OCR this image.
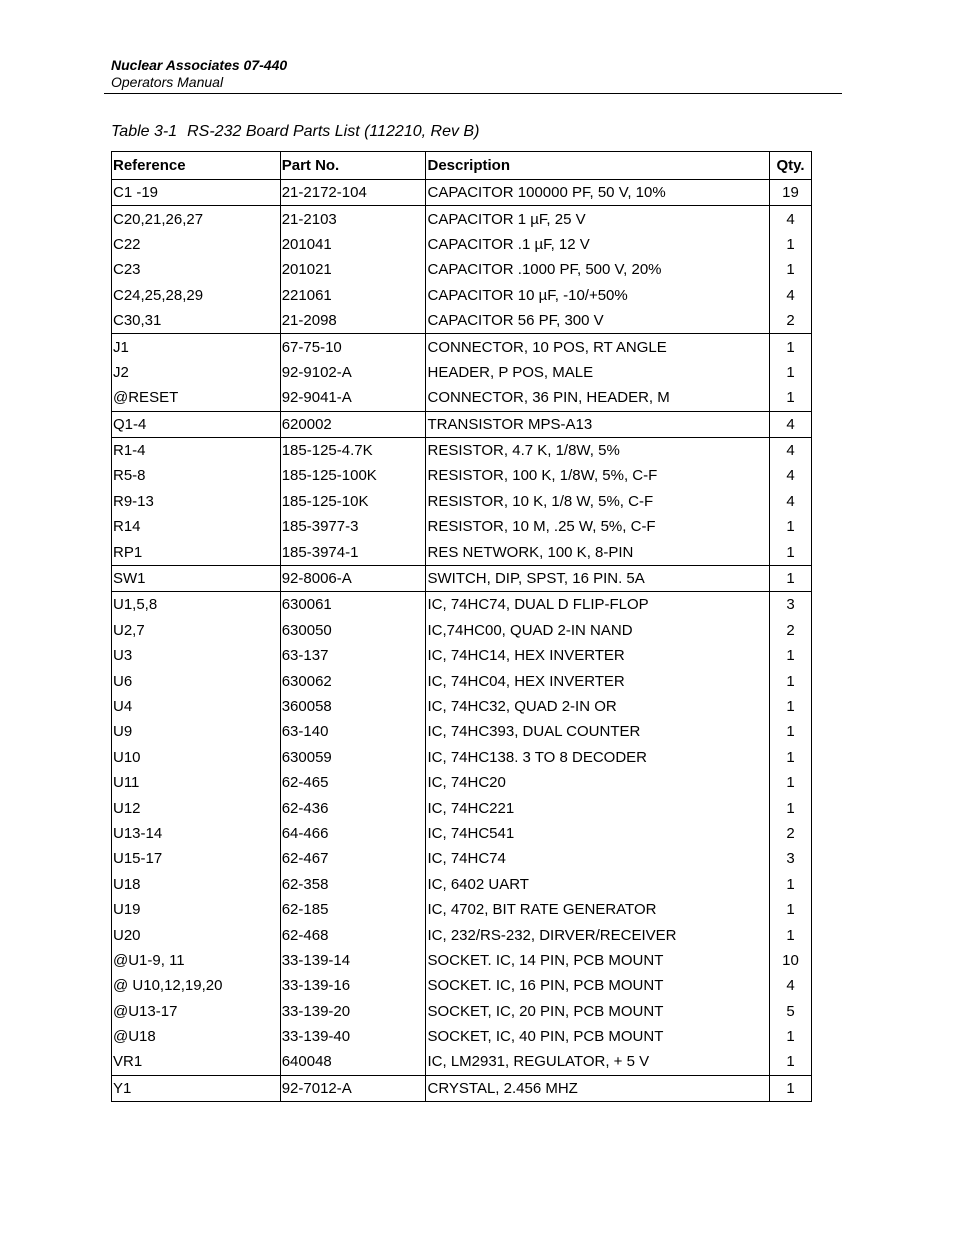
Nuclear Associates 07-440
Operators Manual
Table 3-1 RS-232 Board Parts List (112210, Rev B)
Reference	Part No.	Description	Qty.
C1 -19	21-2172-104	CAPACITOR 100000 PF, 50 V, 10%	19
C20,21,26,27	21-2103	CAPACITOR 1 µF, 25 V	4
C22	201041	CAPACITOR .1 µF, 12 V	1
C23	201021	CAPACITOR .1000 PF, 500 V, 20%	1
C24,25,28,29	221061	CAPACITOR 10 µF, -10/+50%	4
C30,31	21-2098	CAPACITOR 56 PF, 300 V	2
J1	67-75-10	CONNECTOR, 10 POS, RT ANGLE	1
J2	92-9102-A	HEADER, P POS, MALE	1
@RESET	92-9041-A	CONNECTOR, 36 PIN, HEADER, M	1
Q1-4	620002	TRANSISTOR MPS-A13	4
R1-4	185-125-4.7K	RESISTOR, 4.7 K, 1/8W, 5%	4
R5-8	185-125-100K	RESISTOR, 100 K, 1/8W, 5%, C-F	4
R9-13	185-125-10K	RESISTOR, 10 K, 1/8 W, 5%, C-F	4
R14	185-3977-3	RESISTOR, 10 M, .25 W, 5%, C-F	1
RP1	185-3974-1	RES NETWORK, 100 K, 8-PIN	1
SW1	92-8006-A	SWITCH, DIP, SPST, 16 PIN. 5A	1
U1,5,8	630061	IC, 74HC74, DUAL D FLIP-FLOP	3
U2,7	630050	IC,74HC00, QUAD 2-IN NAND	2
U3	63-137	IC, 74HC14, HEX INVERTER	1
U6	630062	IC, 74HC04, HEX INVERTER	1
U4	360058	IC, 74HC32, QUAD 2-IN OR	1
U9	63-140	IC, 74HC393, DUAL COUNTER	1
U10	630059	IC, 74HC138. 3 TO 8 DECODER	1
U11	62-465	IC, 74HC20	1
U12	62-436	IC, 74HC221	1
U13-14	64-466	IC, 74HC541	2
U15-17	62-467	IC, 74HC74	3
U18	62-358	IC, 6402 UART	1
U19	62-185	IC, 4702, BIT RATE GENERATOR	1
U20	62-468	IC, 232/RS-232, DIRVER/RECEIVER	1
@U1-9, 11	33-139-14	SOCKET. IC, 14 PIN, PCB MOUNT	10
@ U10,12,19,20	33-139-16	SOCKET. IC, 16 PIN, PCB MOUNT	4
@U13-17	33-139-20	SOCKET, IC, 20 PIN, PCB MOUNT	5
@U18	33-139-40	SOCKET, IC, 40 PIN, PCB MOUNT	1
VR1	640048	IC, LM2931, REGULATOR, + 5 V	1
Y1	92-7012-A	CRYSTAL, 2.456 MHZ	1
